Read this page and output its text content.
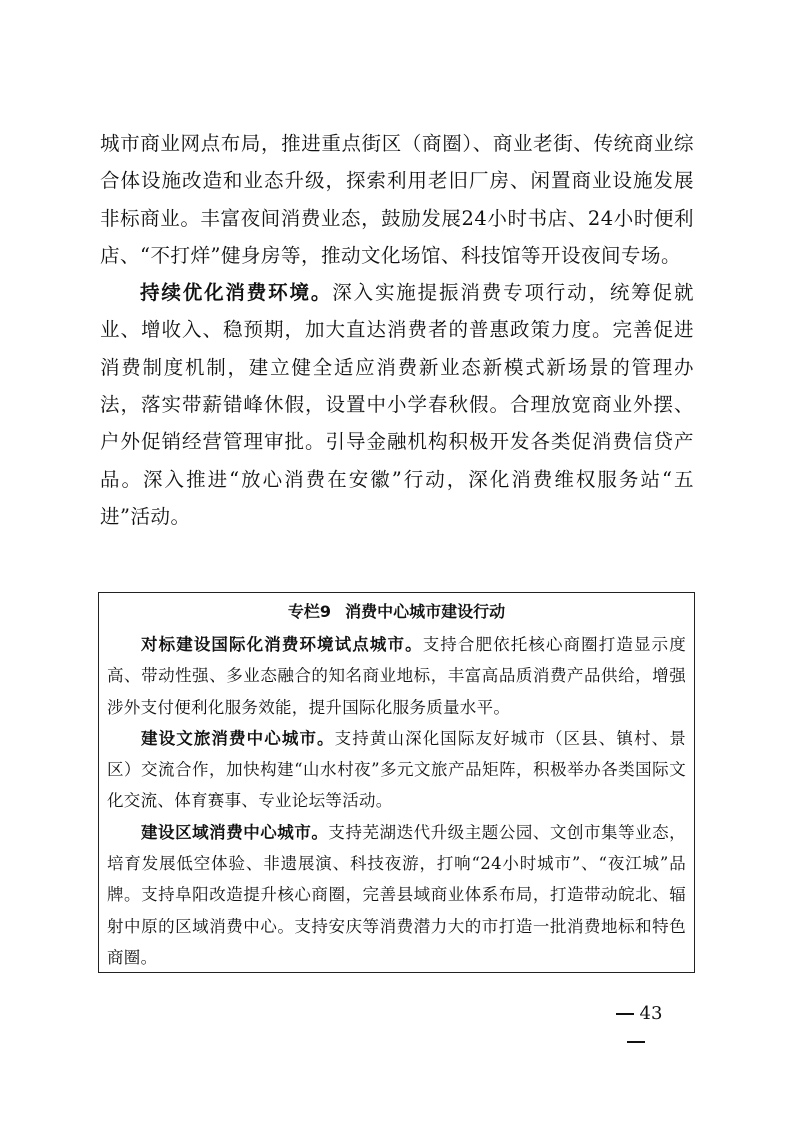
城市商业网点布局，推进重点街区（商圈）、商业老街、传统商业综合体设施改造和业态升级，探索利用老旧厂房、闲置商业设施发展非标商业。丰富夜间消费业态，鼓励发展24小时书店、24小时便利店、“不打烊”健身房等，推动文化场馆、科技馆等开设夜间专场。

持续优化消费环境。深入实施提振消费专项行动，统筹促就业、增收入、稳预期，加大直达消费者的普惠政策力度。完善促进消费制度机制，建立健全适应消费新业态新模式新场景的管理办法，落实带薪错峰休假，设置中小学春秋假。合理放宽商业外摆、户外促销经营管理审批。引导金融机构积极开发各类促消费信贷产品。深入推进“放心消费在安徽”行动，深化消费维权服务站“五进”活动。

专栏9 消费中心城市建设行动

对标建设国际化消费环境试点城市。支持合肥依托核心商圈打造显示度高、带动性强、多业态融合的知名商业地标，丰富高品质消费产品供给，增强涉外支付便利化服务效能，提升国际化服务质量水平。

建设文旅消费中心城市。支持黄山深化国际友好城市（区县、镇村、景区）交流合作，加快构建“山水村夜”多元文旅产品矩阵，积极举办各类国际文化交流、体育赛事、专业论坛等活动。

建设区域消费中心城市。支持芜湖迭代升级主题公园、文创市集等业态，培育发展低空体验、非遗展演、科技夜游，打响“24小时城市”、“夜江城”品牌。支持阜阳改造提升核心商圈，完善县域商业体系布局，打造带动皖北、辐射中原的区域消费中心。支持安庆等消费潜力大的市打造一批消费地标和特色商圈。

43
